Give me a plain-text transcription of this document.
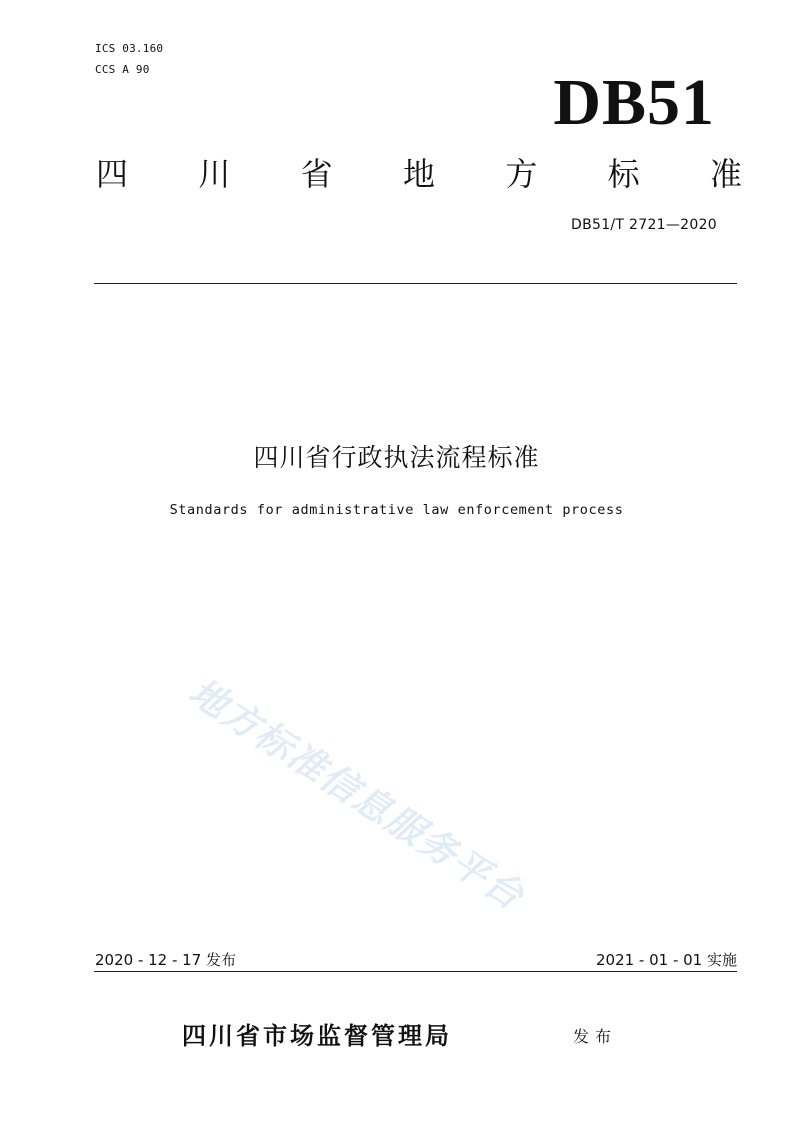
ICS 03.160
CCS A 90	DB51
四 川 省 地 方 标 准
DB51/T 2721—2020
四川省行政执法流程标准
Standards for administrative law enforcement process
地方标准信息服务平台
2020 - 12 - 17 发布	2021 - 01 - 01 实施
四川省市场监督管理局	发布
